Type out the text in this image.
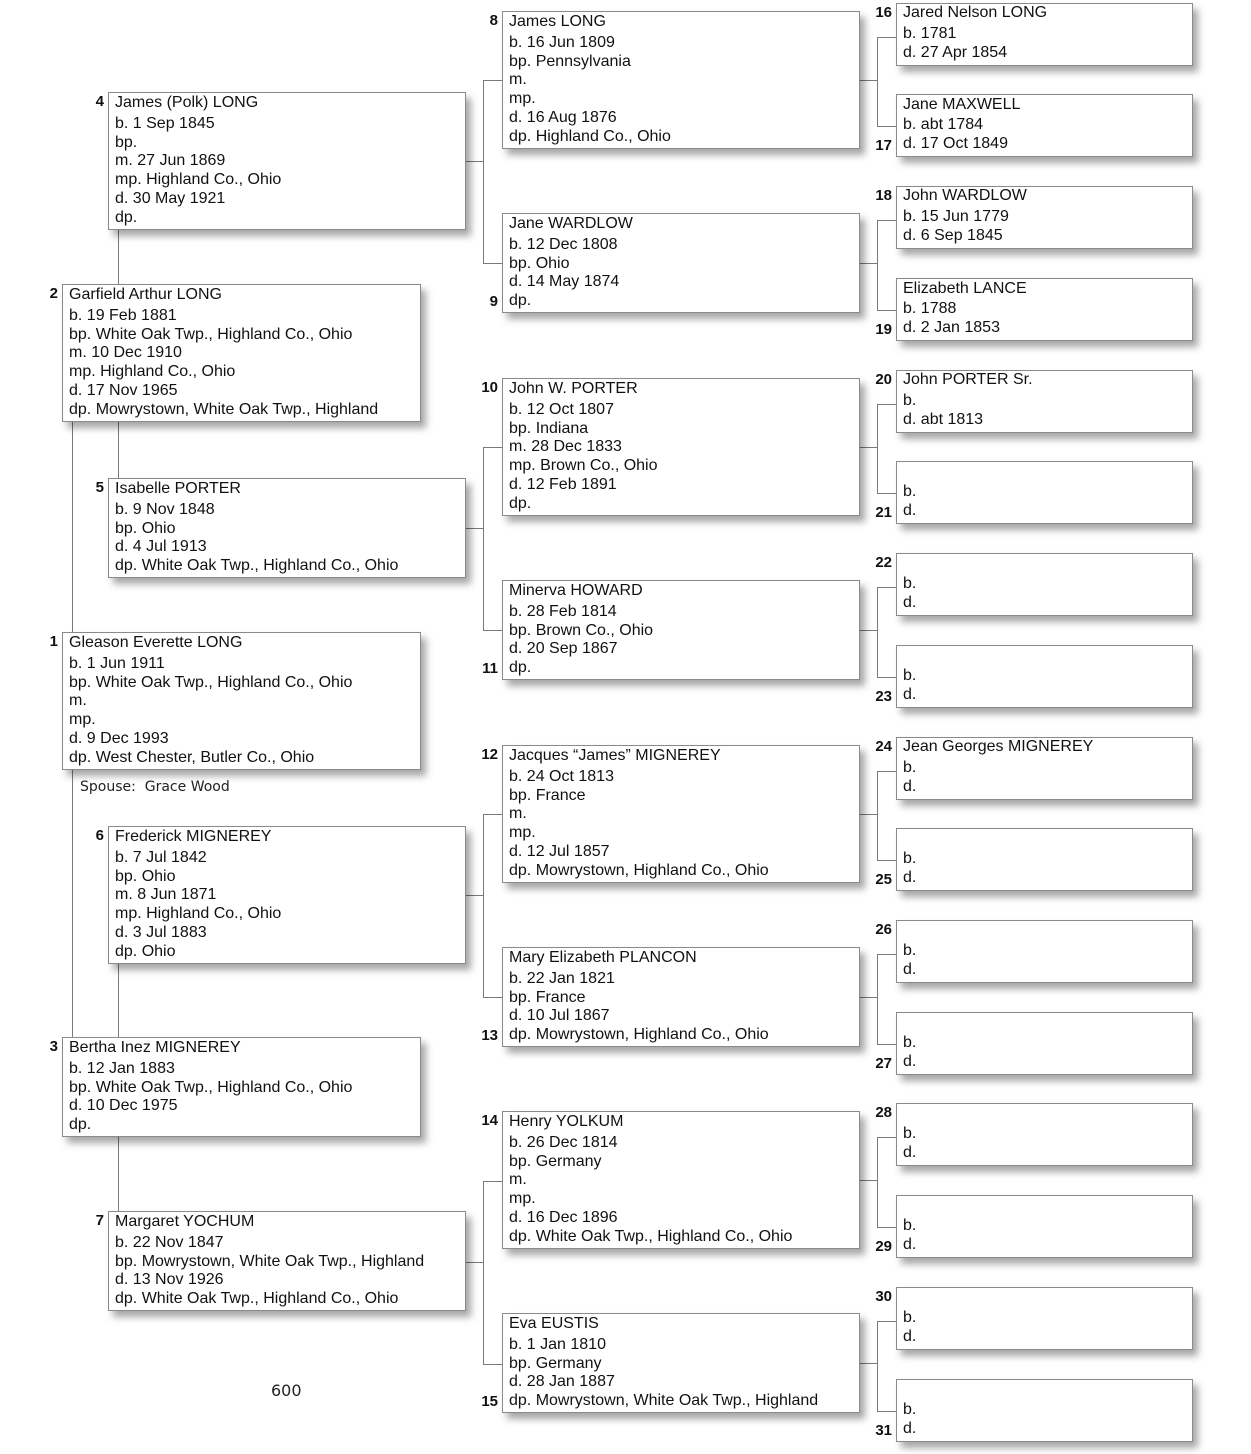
Gleason Everette LONG
b. 1 Jun 1911
bp. White Oak Twp., Highland Co., Ohio
m.
mp.
d. 9 Dec 1993
dp. West Chester, Butler Co., Ohio
1
Garfield Arthur LONG
b. 19 Feb 1881
bp. White Oak Twp., Highland Co., Ohio
m. 10 Dec 1910
mp. Highland Co., Ohio
d. 17 Nov 1965
dp. Mowrystown, White Oak Twp., Highland
2
Bertha Inez MIGNEREY
b. 12 Jan 1883
bp. White Oak Twp., Highland Co., Ohio
d. 10 Dec 1975
dp.
3
James (Polk) LONG
b. 1 Sep 1845
bp.
m. 27 Jun 1869
mp. Highland Co., Ohio
d. 30 May 1921
dp.
4
Isabelle PORTER
b. 9 Nov 1848
bp. Ohio
d. 4 Jul 1913
dp. White Oak Twp., Highland Co., Ohio
5
Frederick MIGNEREY
b. 7 Jul 1842
bp. Ohio
m. 8 Jun 1871
mp. Highland Co., Ohio
d. 3 Jul 1883
dp. Ohio
6
Margaret YOCHUM
b. 22 Nov 1847
bp. Mowrystown, White Oak Twp., Highland
d. 13 Nov 1926
dp. White Oak Twp., Highland Co., Ohio
7
James LONG
b. 16 Jun 1809
bp. Pennsylvania
m.
mp.
d. 16 Aug 1876
dp. Highland Co., Ohio
8
Jane WARDLOW
b. 12 Dec 1808
bp. Ohio
d. 14 May 1874
dp.
9
John W. PORTER
b. 12 Oct 1807
bp. Indiana
m. 28 Dec 1833
mp. Brown Co., Ohio
d. 12 Feb 1891
dp.
10
Minerva HOWARD
b. 28 Feb 1814
bp. Brown Co., Ohio
d. 20 Sep 1867
dp.
11
Jacques “James” MIGNEREY
b. 24 Oct 1813
bp. France
m.
mp.
d. 12 Jul 1857
dp. Mowrystown, Highland Co., Ohio
12
Mary Elizabeth PLANCON
b. 22 Jan 1821
bp. France
d. 10 Jul 1867
dp. Mowrystown, Highland Co., Ohio
13
Henry YOLKUM
b. 26 Dec 1814
bp. Germany
m.
mp.
d. 16 Dec 1896
dp. White Oak Twp., Highland Co., Ohio
14
Eva EUSTIS
b. 1 Jan 1810
bp. Germany
d. 28 Jan 1887
dp. Mowrystown, White Oak Twp., Highland
15
Jared Nelson LONG
b. 1781
d. 27 Apr 1854
16
Jane MAXWELL
b. abt 1784
d. 17 Oct 1849
17
John WARDLOW
b. 15 Jun 1779
d. 6 Sep 1845
18
Elizabeth LANCE
b. 1788
d. 2 Jan 1853
19
John PORTER Sr.
b.
d. abt 1813
20
b.
d.
21
b.
d.
22
b.
d.
23
Jean Georges MIGNEREY
b.
d.
24
b.
d.
25
b.
d.
26
b.
d.
27
b.
d.
28
b.
d.
29
b.
d.
30
b.
d.
31
Spouse: Grace Wood
600
